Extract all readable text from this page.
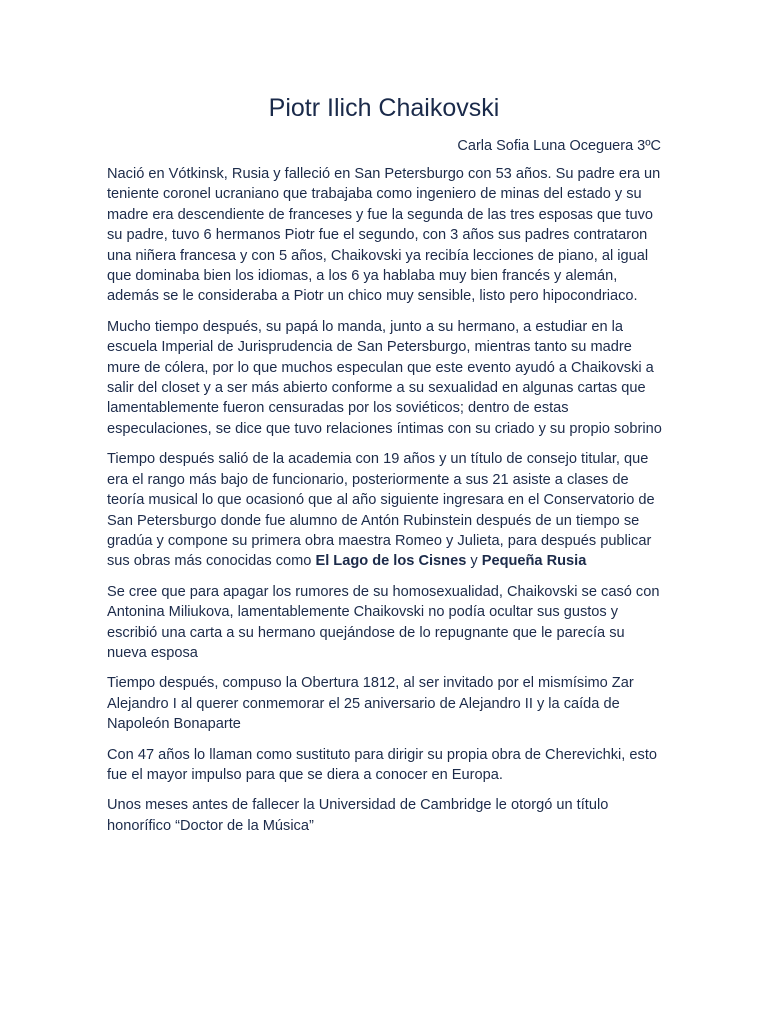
Piotr Ilich Chaikovski

Carla Sofia Luna Oceguera 3ºC

Nació en Vótkinsk, Rusia y falleció en San Petersburgo con 53 años. Su padre era un teniente coronel ucraniano que trabajaba como ingeniero de minas del estado y su madre era descendiente de franceses y fue la segunda de las tres esposas que tuvo su padre, tuvo 6 hermanos Piotr fue el segundo, con 3 años sus padres contrataron una niñera francesa y con 5 años, Chaikovski ya recibía lecciones de piano, al igual que dominaba bien los idiomas, a los 6 ya hablaba muy bien francés y alemán, además se le consideraba a Piotr un chico muy sensible, listo pero hipocondriaco.

Mucho tiempo después, su papá lo manda, junto a su hermano, a estudiar en la escuela Imperial de Jurisprudencia de San Petersburgo, mientras tanto su madre mure de cólera, por lo que muchos especulan que este evento ayudó a Chaikovski a salir del closet y a ser más abierto conforme a su sexualidad en algunas cartas que lamentablemente fueron censuradas por los soviéticos; dentro de estas especulaciones, se dice que tuvo relaciones íntimas con su criado y su propio sobrino

Tiempo después salió de la academia con 19 años y un título de consejo titular, que era el rango más bajo de funcionario, posteriormente a sus 21 asiste a clases de teoría musical lo que ocasionó que al año siguiente ingresara en el Conservatorio de San Petersburgo donde fue alumno de Antón Rubinstein después de un tiempo se gradúa y compone su primera obra maestra Romeo y Julieta, para después publicar sus obras más conocidas como El Lago de los Cisnes y Pequeña Rusia

Se cree que para apagar los rumores de su homosexualidad, Chaikovski se casó con Antonina Miliukova, lamentablemente Chaikovski no podía ocultar sus gustos y escribió una carta a su hermano quejándose de lo repugnante que le parecía su nueva esposa

Tiempo después, compuso la Obertura 1812, al ser invitado por el mismísimo Zar Alejandro I al querer conmemorar el 25 aniversario de Alejandro II y la caída de Napoleón Bonaparte

Con 47 años lo llaman como sustituto para dirigir su propia obra de Cherevichki, esto fue el mayor impulso para que se diera a conocer en Europa.

Unos meses antes de fallecer la Universidad de Cambridge le otorgó un título honorífico “Doctor de la Música”
